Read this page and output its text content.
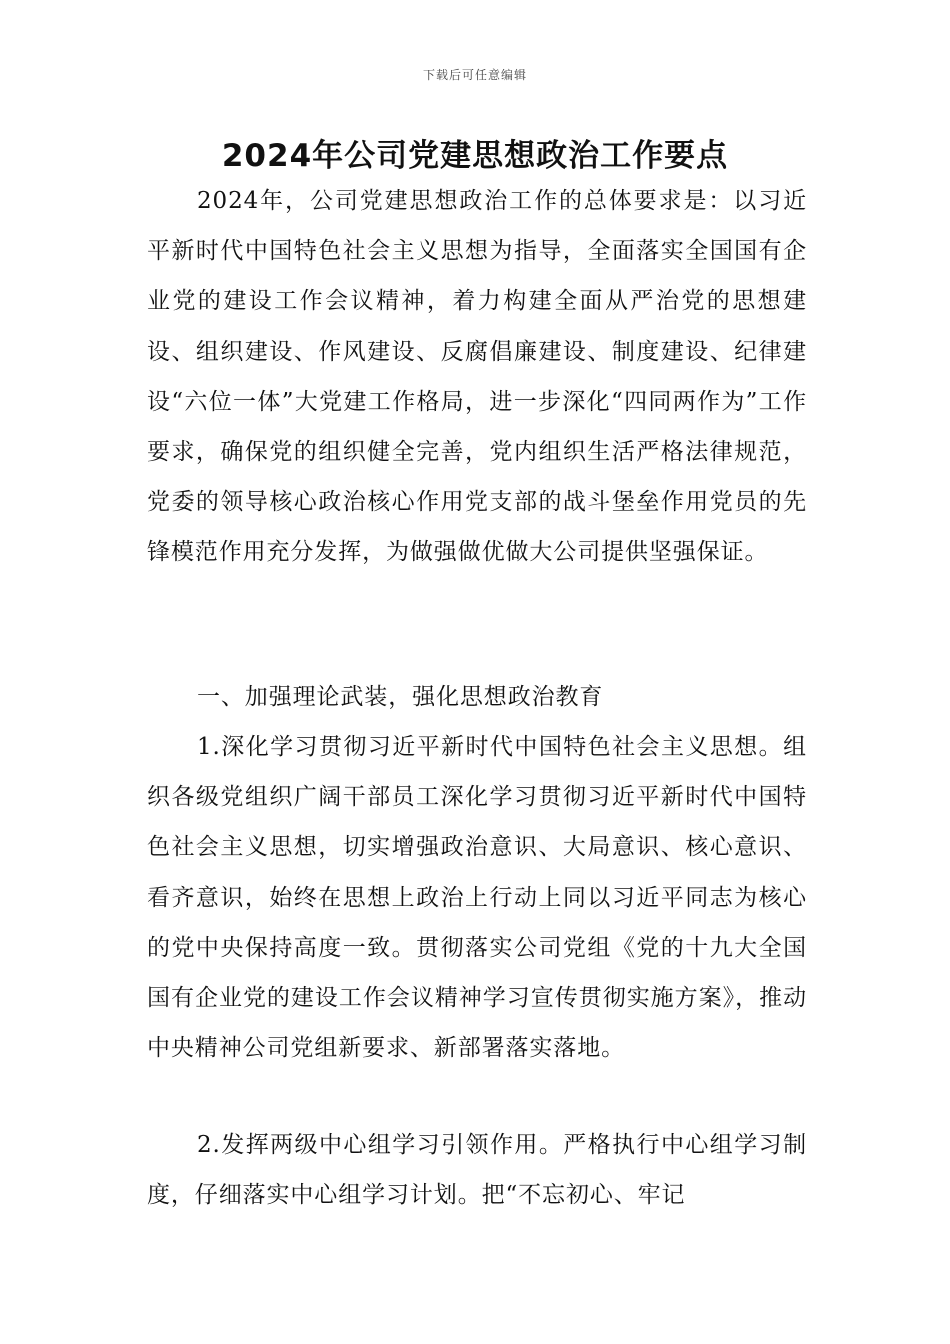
下载后可任意编辑
2024年公司党建思想政治工作要点

2024年，公司党建思想政治工作的总体要求是：以习近平新时代中国特色社会主义思想为指导，全面落实全国国有企业党的建设工作会议精神，着力构建全面从严治党的思想建设、组织建设、作风建设、反腐倡廉建设、制度建设、纪律建设“六位一体”大党建工作格局，进一步深化“四同两作为”工作要求，确保党的组织健全完善，党内组织生活严格法律规范，党委的领导核心政治核心作用党支部的战斗堡垒作用党员的先锋模范作用充分发挥，为做强做优做大公司提供坚强保证。

一、加强理论武装，强化思想政治教育

1.深化学习贯彻习近平新时代中国特色社会主义思想。组织各级党组织广阔干部员工深化学习贯彻习近平新时代中国特色社会主义思想，切实增强政治意识、大局意识、核心意识、看齐意识，始终在思想上政治上行动上同以习近平同志为核心的党中央保持高度一致。贯彻落实公司党组《党的十九大全国国有企业党的建设工作会议精神学习宣传贯彻实施方案》，推动中央精神公司党组新要求、新部署落实落地。

2.发挥两级中心组学习引领作用。严格执行中心组学习制度，仔细落实中心组学习计划。把“不忘初心、牢记
